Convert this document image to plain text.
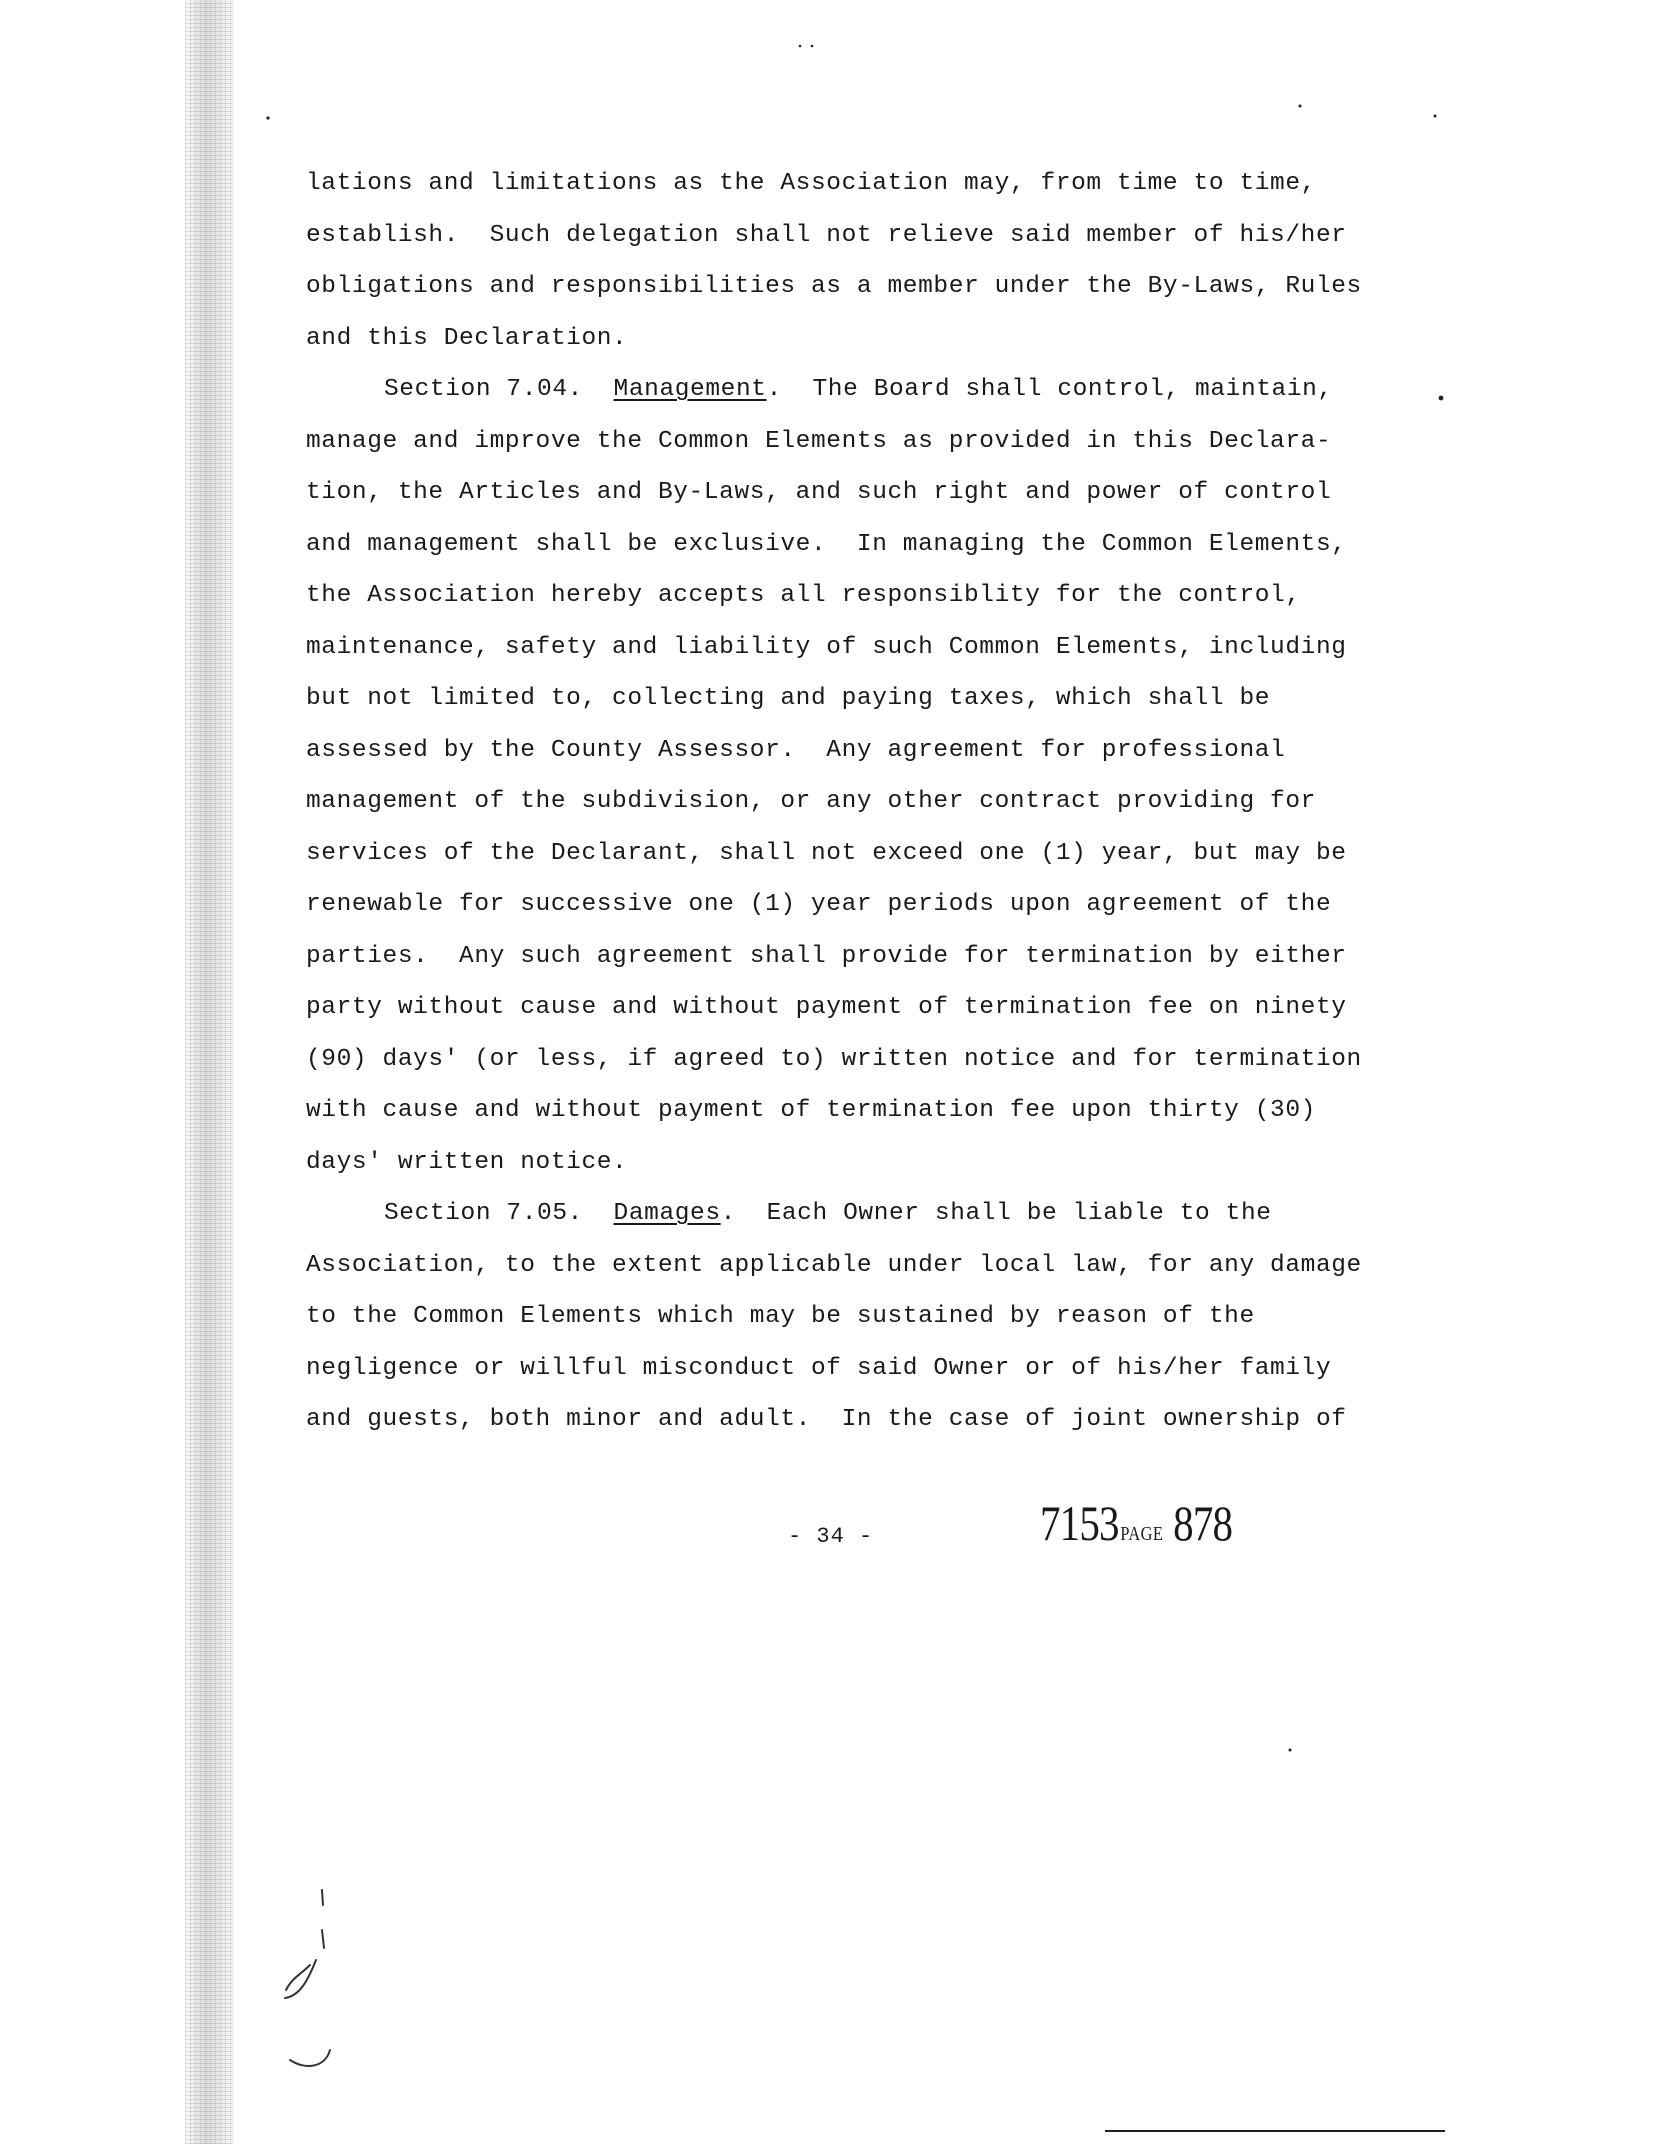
lations and limitations as the Association may, from time to time,
establish.  Such delegation shall not relieve said member of his/her
obligations and responsibilities as a member under the By-Laws, Rules
and this Declaration.
Section 7.04. Management.  The Board shall control, maintain,
manage and improve the Common Elements as provided in this Declara-
tion, the Articles and By-Laws, and such right and power of control
and management shall be exclusive.  In managing the Common Elements,
the Association hereby accepts all responsiblity for the control,
maintenance, safety and liability of such Common Elements, including
but not limited to, collecting and paying taxes, which shall be
assessed by the County Assessor.  Any agreement for professional
management of the subdivision, or any other contract providing for
services of the Declarant, shall not exceed one (1) year, but may be
renewable for successive one (1) year periods upon agreement of the
parties.  Any such agreement shall provide for termination by either
party without cause and without payment of termination fee on ninety
(90) days' (or less, if agreed to) written notice and for termination
with cause and without payment of termination fee upon thirty (30)
days' written notice.
Section 7.05. Damages.  Each Owner shall be liable to the
Association, to the extent applicable under local law, for any damage
to the Common Elements which may be sustained by reason of the
negligence or willful misconduct of said Owner or of his/her family
and guests, both minor and adult.  In the case of joint ownership of
- 34 -	7153PAGE 878
